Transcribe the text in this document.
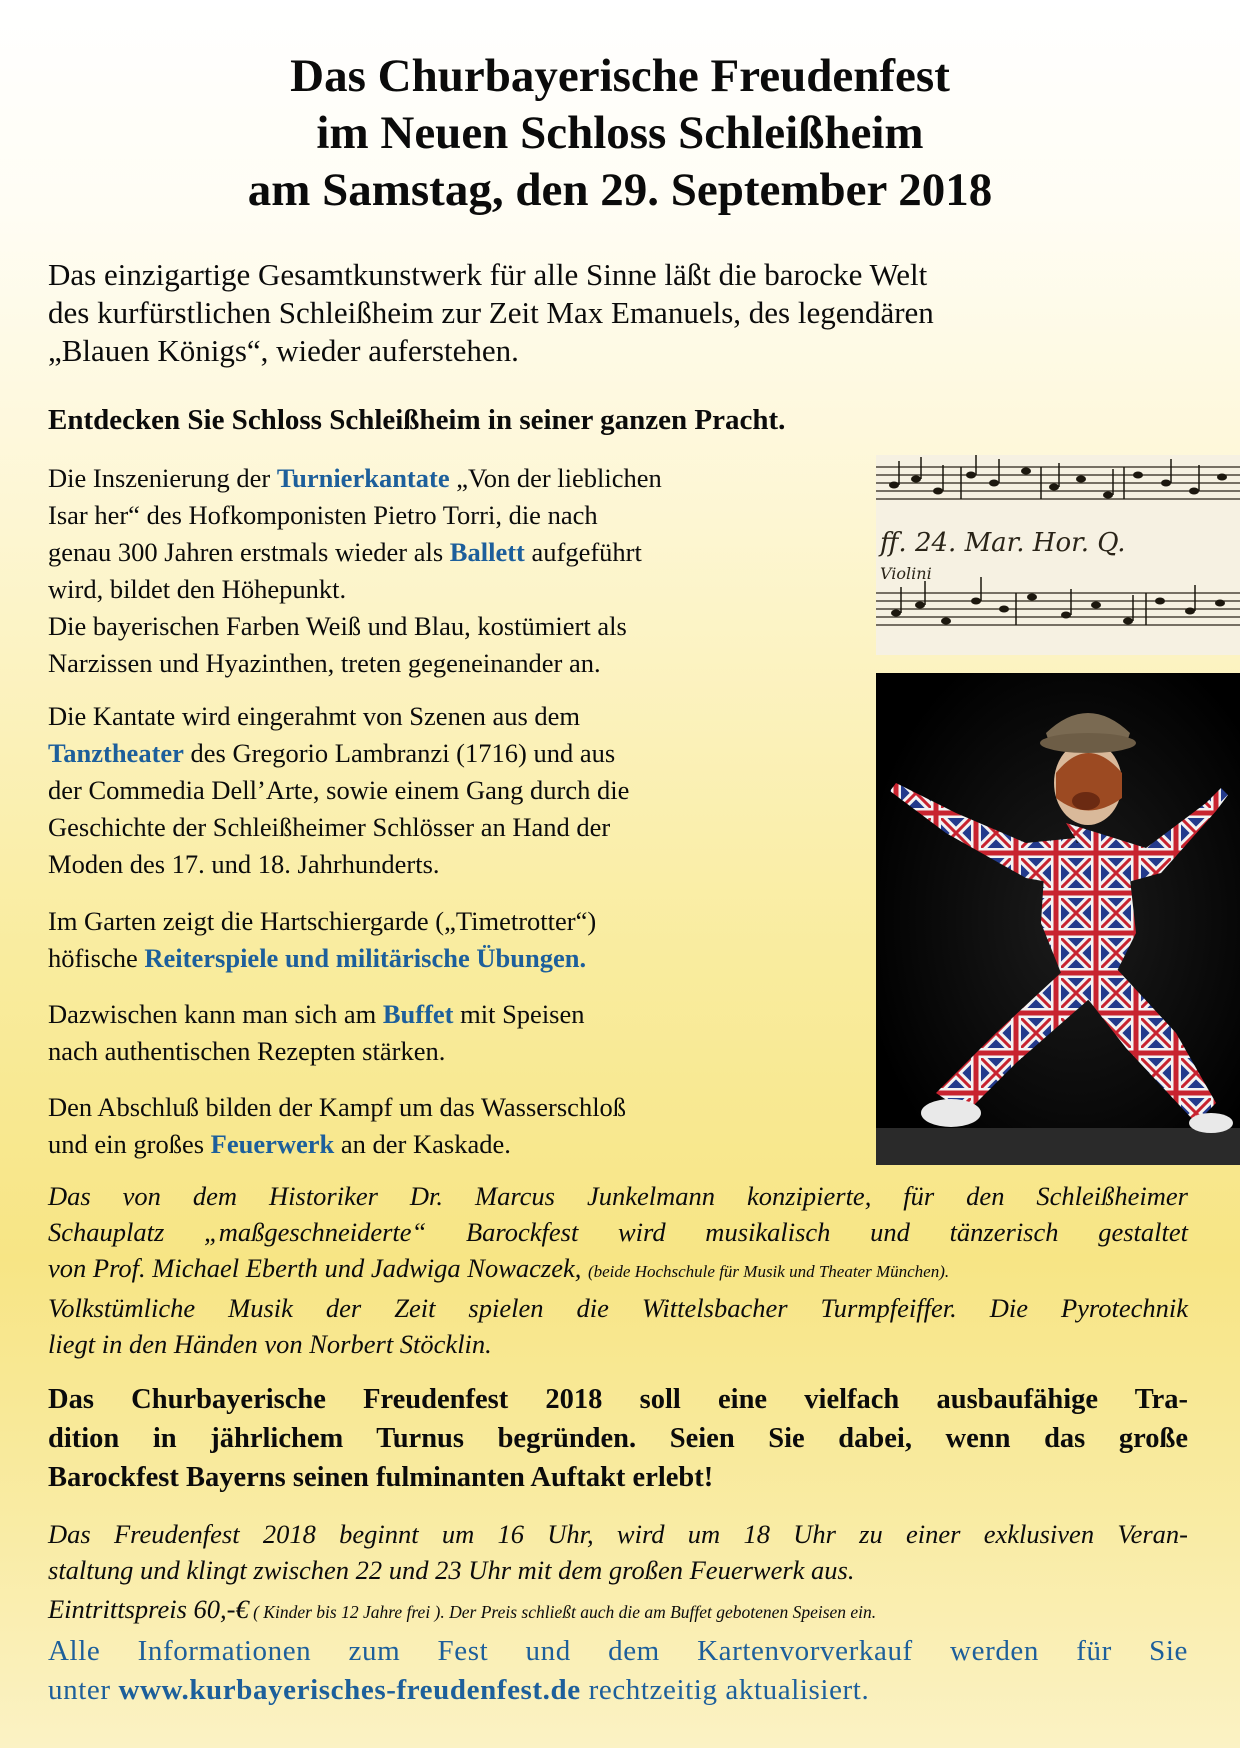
Das Churbayerische Freudenfest
im Neuen Schloss Schleißheim
am Samstag, den 29. September 2018

Das einzigartige Gesamtkunstwerk für alle Sinne läßt die barocke Welt
des kurfürstlichen Schleißheim zur Zeit Max Emanuels, des legendären
„Blauen Königs“, wieder auferstehen.

Entdecken Sie Schloss Schleißheim in seiner ganzen Pracht.

Die Inszenierung der Turnierkantate „Von der lieblichen
Isar her“ des Hofkomponisten Pietro Torri, die nach
genau 300 Jahren erstmals wieder als Ballett aufgeführt
wird, bildet den Höhepunkt.
Die bayerischen Farben Weiß und Blau, kostümiert als
Narzissen und Hyazinthen, treten gegeneinander an.

Die Kantate wird eingerahmt von Szenen aus dem
Tanztheater des Gregorio Lambranzi (1716) und aus
der Commedia Dell’Arte, sowie einem Gang durch die
Geschichte der Schleißheimer Schlösser an Hand der
Moden des 17. und 18. Jahrhunderts.

Im Garten zeigt die Hartschiergarde („Timetrotter“)
höfische Reiterspiele und militärische Übungen.

Dazwischen kann man sich am Buffet mit Speisen
nach authentischen Rezepten stärken.

Den Abschluß bilden der Kampf um das Wasserschloß
und ein großes Feuerwerk an der Kaskade.

ff. 24. Mar. Hor. Q.
Violini

Das von dem Historiker Dr. Marcus Junkelmann konzipierte, für den Schleißheimer
Schauplatz „maßgeschneiderte“ Barockfest wird musikalisch und tänzerisch gestaltet
von Prof. Michael Eberth und Jadwiga Nowaczek, (beide Hochschule für Musik und Theater München).
Volkstümliche Musik der Zeit spielen die Wittelsbacher Turmpfeiffer. Die Pyrotechnik
liegt in den Händen von Norbert Stöcklin.

Das Churbayerische Freudenfest 2018 soll eine vielfach ausbaufähige Tra-
dition in jährlichem Turnus begründen. Seien Sie dabei, wenn das große
Barockfest Bayerns seinen fulminanten Auftakt erlebt!

Das Freudenfest 2018 beginnt um 16 Uhr, wird um 18 Uhr zu einer exklusiven Veran-
staltung und klingt zwischen 22 und 23 Uhr mit dem großen Feuerwerk aus.

Eintrittspreis 60,-€ ( Kinder bis 12 Jahre frei ). Der Preis schließt auch die am Buffet gebotenen Speisen ein.

Alle Informationen zum Fest und dem Kartenvorverkauf werden für Sie
unter www.kurbayerisches-freudenfest.de rechtzeitig aktualisiert.
